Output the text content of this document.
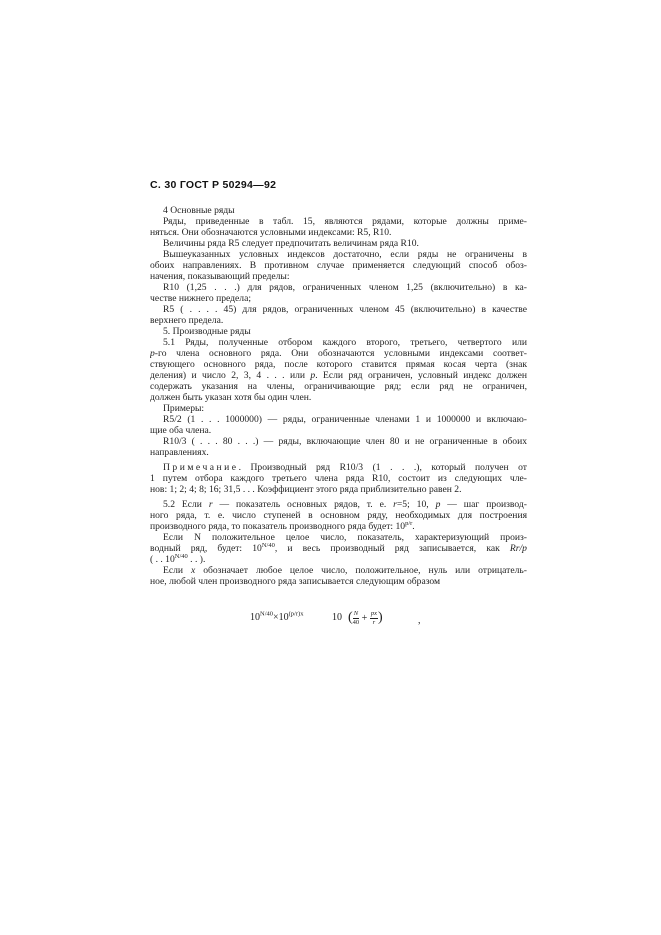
С. 30 ГОСТ Р 50294—92
4 Основные ряды
Ряды, приведенные в табл. 15, являются рядами, которые должны приме-
няться. Они обозначаются условными индексами: R5, R10.
Величины ряда R5 следует предпочитать величинам ряда R10.
Вышеуказанных условных индексов достаточно, если ряды не ограничены в
обоих направлениях. В противном случае применяется следующий способ обоз-
начения, показывающий пределы:
R10 (1,25 . . .) для рядов, ограниченных членом 1,25 (включительно) в ка-
честве нижнего предела;
R5 ( . . . . 45) для рядов, ограниченных членом 45 (включительно) в качестве
верхнего предела.
5. Производные ряды
5.1 Ряды, полученные отбором каждого второго, третьего, четвертого или
p-го члена основного ряда. Они обозначаются условными индексами соответ-
ствующего основного ряда, после которого ставится прямая косая черта (знак
деления) и число 2, 3, 4 . . . или p. Если ряд ограничен, условный индекс должен
содержать указания на члены, ограничивающие ряд; если ряд не ограничен,
должен быть указан хотя бы один член.
Примеры:
R5/2 (1 . . . 1000000) — ряды, ограниченные членами 1 и 1000000 и включаю-
щие оба члена.
R10/3 ( . . . 80 . . .) — ряды, включающие член 80 и не ограниченные в обоих
направлениях.
Примечание. Производный ряд R10/3 (1 . . .), который получен от
1 путем отбора каждого третьего члена ряда R10, состоит из следующих чле-
нов: 1; 2; 4; 8; 16; 31,5 . . . Коэффициент этого ряда приблизительно равен 2.
5.2 Если r — показатель основных рядов, т. е. r=5; 10, p — шаг производ-
ного ряда, т. е. число ступеней в основном ряду, необходимых для построения
производного ряда, то показатель производного ряда будет: $10^{p/r}$.
Если N положительное целое число, показатель, характеризующий произ-
водный ряд, будет: $10^{N/40}$, и весь производный ряд записывается, как Rr/p
( . . $10^{N/40}$ . . ).
Если x обозначает любое целое число, положительное, нуль или отрицатель-
ное, любой член производного ряда записывается следующим образом
$10^{N/40}\times 10^{(p/r)x}$	10 ( $\frac{N}{40} + \frac{px}{r}$ )	,
